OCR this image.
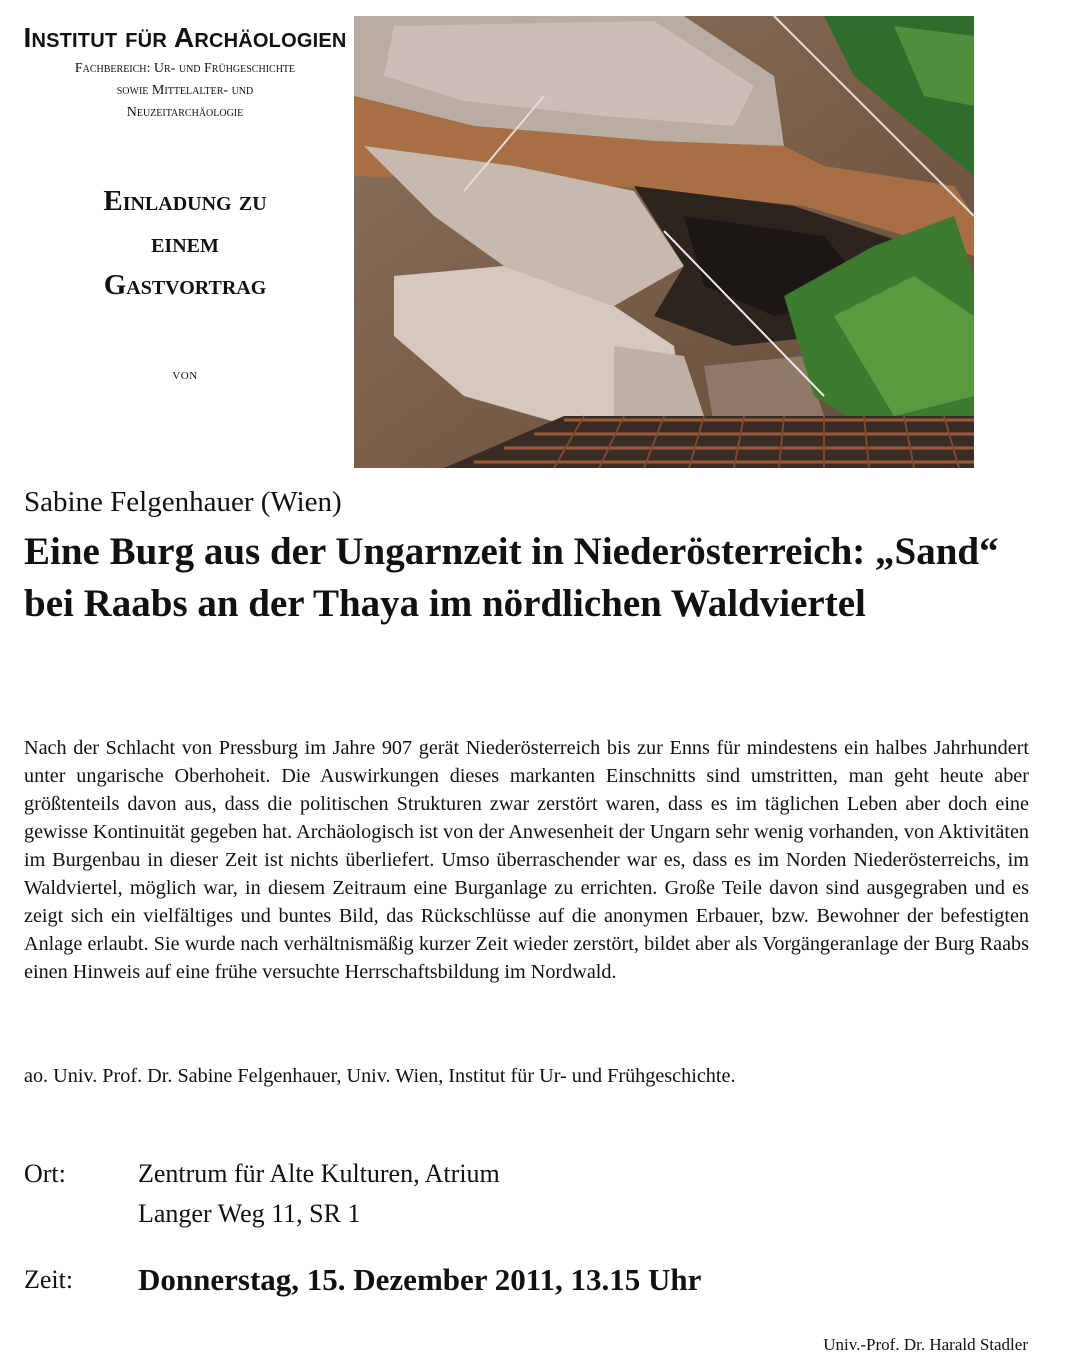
Institut für Archäologien
Fachbereich: Ur- und Frühgeschichte
sowie Mittelalter- und
Neuzeitarchäologie
Einladung zu
einem
Gastvortrag
von
Sabine Felgenhauer (Wien)
Eine Burg aus der Ungarnzeit in Niederösterreich: „Sand“ bei Raabs an der Thaya im nördlichen Waldviertel
Nach der Schlacht von Pressburg im Jahre 907 gerät Niederösterreich bis zur Enns für mindestens ein halbes Jahrhundert unter ungarische Oberhoheit. Die Auswirkungen dieses markanten Einschnitts sind umstritten, man geht heute aber größtenteils davon aus, dass die politischen Strukturen zwar zerstört waren, dass es im täglichen Leben aber doch eine gewisse Kontinuität gegeben hat. Archäologisch ist von der Anwesenheit der Ungarn sehr wenig vorhanden, von Aktivitäten im Burgenbau in dieser Zeit ist nichts überliefert. Umso überraschender war es, dass es im Norden Niederösterreichs, im Waldviertel, möglich war, in diesem Zeitraum eine Burganlage zu errichten. Große Teile davon sind ausgegraben und es zeigt sich ein vielfältiges und buntes Bild, das Rückschlüsse auf die anonymen Erbauer, bzw. Bewohner der befestigten Anlage erlaubt. Sie wurde nach verhältnismäßig kurzer Zeit wieder zerstört, bildet aber als Vorgängeranlage der Burg Raabs einen Hinweis auf eine frühe versuchte Herrschaftsbildung im Nordwald.
ao. Univ. Prof. Dr. Sabine Felgenhauer, Univ. Wien, Institut für Ur- und Frühgeschichte.
Ort:	Zentrum für Alte Kulturen, Atrium
Langer Weg 11, SR 1
Zeit:	Donnerstag, 15. Dezember 2011, 13.15 Uhr
Univ.-Prof. Dr. Harald Stadler
